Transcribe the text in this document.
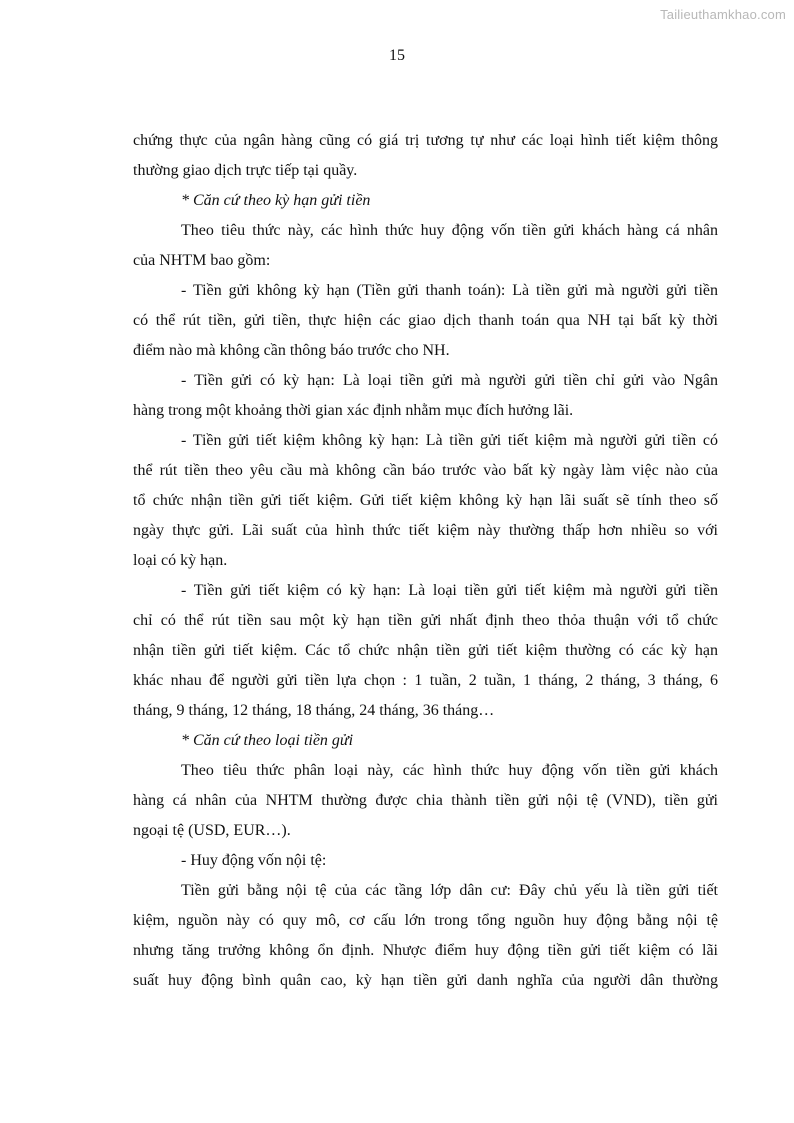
Tailieuthamkhao.com
15
chứng thực của ngân hàng cũng có giá trị tương tự như các loại hình tiết kiệm thông
thường giao dịch trực tiếp tại quầy.
* Căn cứ theo kỳ hạn gửi tiền
Theo tiêu thức này, các hình thức huy động vốn tiền gửi khách hàng cá nhân
của NHTM bao gồm:
- Tiền gửi không kỳ hạn (Tiền gửi thanh toán): Là tiền gửi mà người gửi tiền
có thể rút tiền, gửi tiền, thực hiện các giao dịch thanh toán qua NH tại bất kỳ thời
điểm nào mà không cần thông báo trước cho NH.
- Tiền gửi có kỳ hạn: Là loại tiền gửi mà người gửi tiền chỉ gửi vào Ngân
hàng trong một khoảng thời gian xác định nhằm mục đích hưởng lãi.
- Tiền gửi tiết kiệm không kỳ hạn: Là tiền gửi tiết kiệm mà người gửi tiền có
thể rút tiền theo yêu cầu mà không cần báo trước vào bất kỳ ngày làm việc nào của
tổ chức nhận tiền gửi tiết kiệm. Gửi tiết kiệm không kỳ hạn lãi suất sẽ tính theo số
ngày thực gửi. Lãi suất của hình thức tiết kiệm này thường thấp hơn nhiều so với
loại có kỳ hạn.
- Tiền gửi tiết kiệm có kỳ hạn: Là loại tiền gửi tiết kiệm mà người gửi tiền
chỉ có thể rút tiền sau một kỳ hạn tiền gửi nhất định theo thỏa thuận với tổ chức
nhận tiền gửi tiết kiệm. Các tổ chức nhận tiền gửi tiết kiệm thường có các kỳ hạn
khác nhau để người gửi tiền lựa chọn : 1 tuần, 2 tuần, 1 tháng, 2 tháng, 3 tháng, 6
tháng, 9 tháng, 12 tháng, 18 tháng, 24 tháng, 36 tháng…
* Căn cứ theo loại tiền gửi
Theo tiêu thức phân loại này, các hình thức huy động vốn tiền gửi khách
hàng cá nhân của NHTM thường được chia thành tiền gửi nội tệ (VND), tiền gửi
ngoại tệ (USD, EUR…).
- Huy động vốn nội tệ:
Tiền gửi bằng nội tệ của các tầng lớp dân cư: Đây chủ yếu là tiền gửi tiết
kiệm, nguồn này có quy mô, cơ cấu lớn trong tổng nguồn huy động bằng nội tệ
nhưng tăng trưởng không ổn định. Nhược điểm huy động tiền gửi tiết kiệm có lãi
suất huy động bình quân cao, kỳ hạn tiền gửi danh nghĩa của người dân thường
